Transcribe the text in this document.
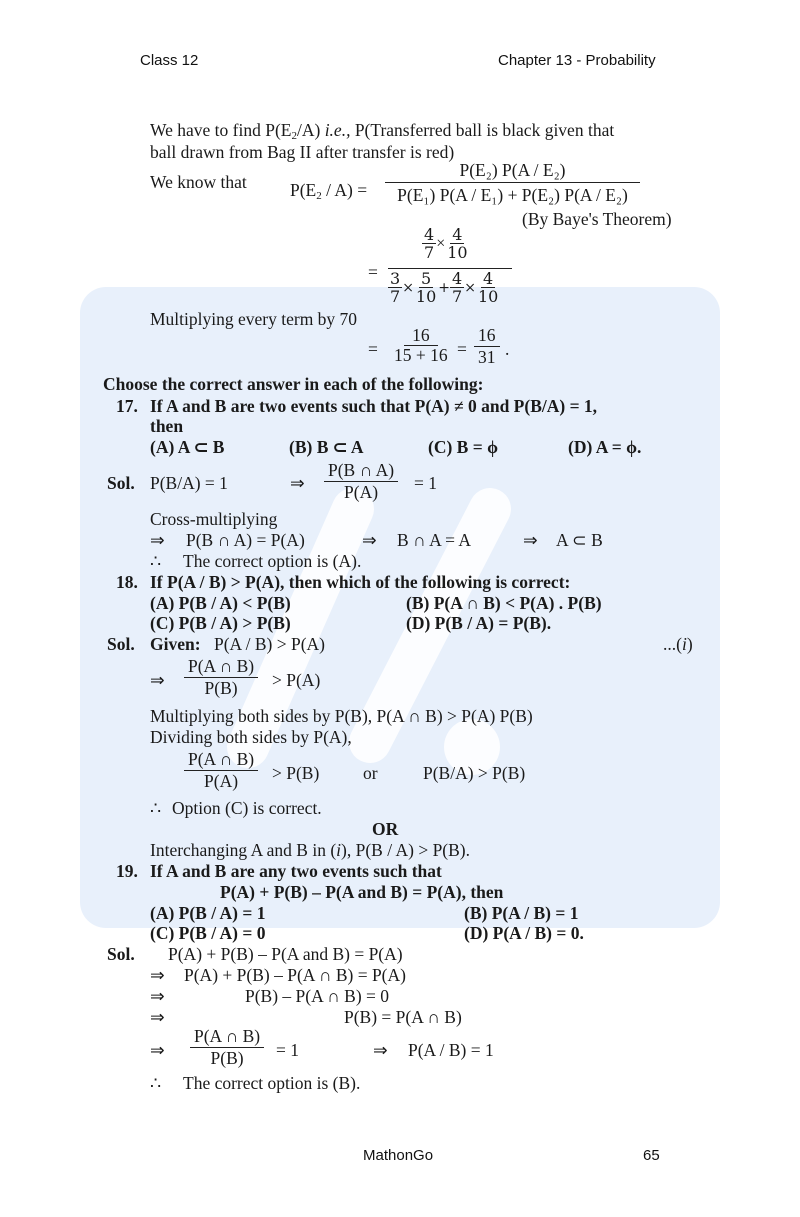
Class 12	Chapter 13 - Probability
We have to find $P(E_2/A)$ i.e., P(Transferred ball is black given that
ball drawn from Bag II after transfer is red)
We know that $P(E_2 / A) = \frac{\text{P(E₂) P(A / E₂)}}{\text{P(E₁) P(A / E₁) + P(E₂) P(A / E₂)}}$
(By Baye's Theorem)
=
$\frac{4}{7} \times \frac{4}{10}$
$\frac{3}{7} \times \frac{5}{10} + \frac{4}{7} \times \frac{4}{10}$
Multiplying every term by 70
= $\frac{16}{15 + 16} = \frac{16}{31}$ .
Choose the correct answer in each of the following:
17. If A and B are two events such that P(A) ≠ 0 and P(B/A) = 1,
then
(A) A ⊂ B	(B) B ⊂ A	(C) B = ϕ	(D) A = ϕ.
Sol. P(B/A) = 1	⇒ $\frac{P(B \cap A)}{P(A)} = 1$
Cross-multiplying
⇒ P(B ∩ A) = P(A)	⇒ B ∩ A = A	⇒ A ⊂ B
∴ The correct option is (A).
18. If P(A / B) > P(A), then which of the following is correct:
(A) P(B / A) < P(B)	(B) P(A ∩ B) < P(A) . P(B)
(C) P(B / A) > P(B)	(D) P(B / A) = P(B).
Sol. Given: P(A / B) > P(A)	...(i)
⇒ $\frac{P(A \cap B)}{P(B)} > P(A)$
Multiplying both sides by P(B), P(A ∩ B) > P(A) P(B)
Dividing both sides by P(A),
$\frac{P(A \cap B)}{P(A)} > P(B)$ or	P(B/A) > P(B)
∴ Option (C) is correct.
OR
Interchanging A and B in (i), P(B / A) > P(B).
19. If A and B are any two events such that
P(A) + P(B) – P(A and B) = P(A), then
(A) P(B / A) = 1	(B) P(A / B) = 1
(C) P(B / A) = 0	(D) P(A / B) = 0.
Sol. P(A) + P(B) – P(A and B) = P(A)
⇒ P(A) + P(B) – P(A ∩ B) = P(A)
⇒	P(B) – P(A ∩ B) = 0
⇒	P(B) = P(A ∩ B)
⇒ $\frac{P(A \cap B)}{P(B)} = 1$	⇒ P(A / B) = 1
∴ The correct option is (B).
MathonGo	65
